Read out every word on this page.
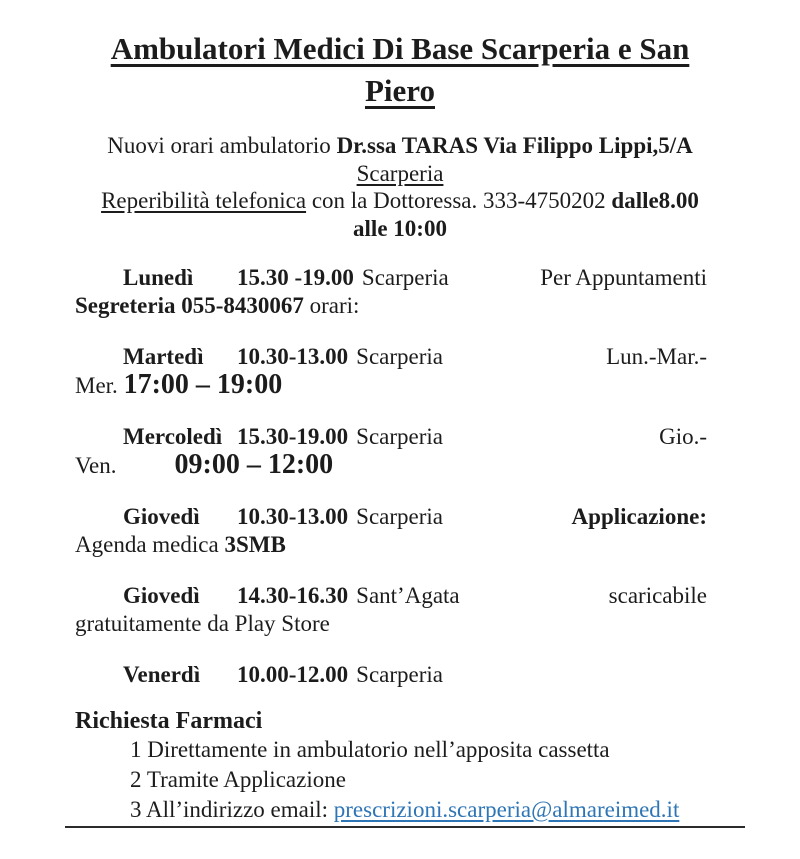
Ambulatori Medici Di Base Scarperia e San
Piero
Nuovi orari ambulatorio Dr.ssa TARAS Via Filippo Lippi,5/A
Scarperia
Reperibilità telefonica con la Dottoressa. 333-4750202 dalle8.00
alle 10:00
Lunedì 15.30 -19.00 Scarperia	Per Appuntamenti
Segreteria 055-8430067 orari:
Martedì 10.30-13.00 Scarperia	Lun.-Mar.-
Mer. 17:00 – 19:00
Mercoledì 15.30-19.00 Scarperia	Gio.-
Ven. 09:00 – 12:00
Giovedì 10.30-13.00 Scarperia	Applicazione:
Agenda medica 3SMB
Giovedì 14.30-16.30 Sant’Agata	scaricabile
gratuitamente da Play Store
Venerdì 10.00-12.00 Scarperia
Richiesta Farmaci
1 Direttamente in ambulatorio nell’apposita cassetta
2 Tramite Applicazione
3 All’indirizzo email: prescrizioni.scarperia@almareimed.it
